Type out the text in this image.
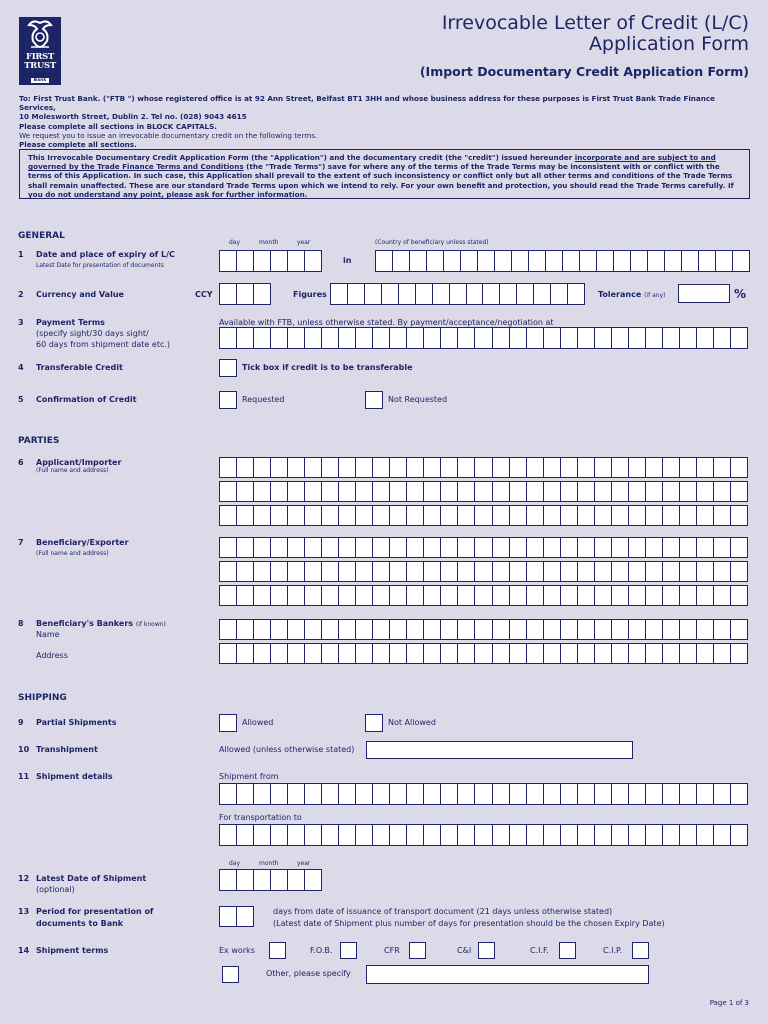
FIRST
TRUST
Bank
Irrevocable Letter of Credit (L/C)
Application Form
(Import Documentary Credit Application Form)
To: First Trust Bank. ("FTB ") whose registered office is at 92 Ann Street, Belfast BT1 3HH and whose business address for these purposes is First Trust Bank Trade Finance Services,
10 Molesworth Street, Dublin 2. Tel no. (028) 9043 4615
Please complete all sections in BLOCK CAPITALS.
We request you to issue an irrevocable documentary credit on the following terms.
Please complete all sections.
This Irrevocable Documentary Credit Application Form (the "Application") and the documentary credit (the "credit") issued hereunder incorporate and are subject to and governed by the Trade Finance Terms and Conditions (the "Trade Terms") save for where any of the terms of the Trade Terms may be inconsistent with or conflict with the terms of this Application. In such case, this Application shall prevail to the extent of such inconsistency or conflict only but all other terms and conditions of the Trade Terms shall remain unaffected. These are our standard Trade Terms upon which we intend to rely. For your own benefit and protection, you should read the Trade Terms carefully. If you do not understand any point, please ask for further information.
GENERAL
day	month	year	(Country of beneficiary unless stated)
1 Date and place of expiry of L/C
Latest Date for presentation of documents
in
2 Currency and Value	CCY	Figures	Tolerance (if any)	%
3 Payment Terms
(specify sight/30 days sight/
60 days from shipment date etc.)
Available with FTB, unless otherwise stated. By payment/acceptance/negotiation at
4 Transferable Credit	Tick box if credit is to be transferable
5 Confirmation of Credit	Requested	Not Requested
PARTIES
6 Applicant/Importer
(Full name and address)
7 Beneficiary/Exporter
(Full name and address)
8 Beneficiary's Bankers (if known)
Name
Address
SHIPPING
9 Partial Shipments	Allowed	Not Allowed
10 Transhipment	Allowed (unless otherwise stated)
11 Shipment details	Shipment from
For transportation to
day	month	year
12 Latest Date of Shipment
(optional)
13 Period for presentation of
documents to Bank
days from date of issuance of transport document (21 days unless otherwise stated)
(Latest date of Shipment plus number of days for presentation should be the chosen Expiry Date)
14 Shipment terms	Ex works	F.O.B.	CFR	C&I	C.I.F.	C.I.P.
Other, please specify
Page 1 of 3
